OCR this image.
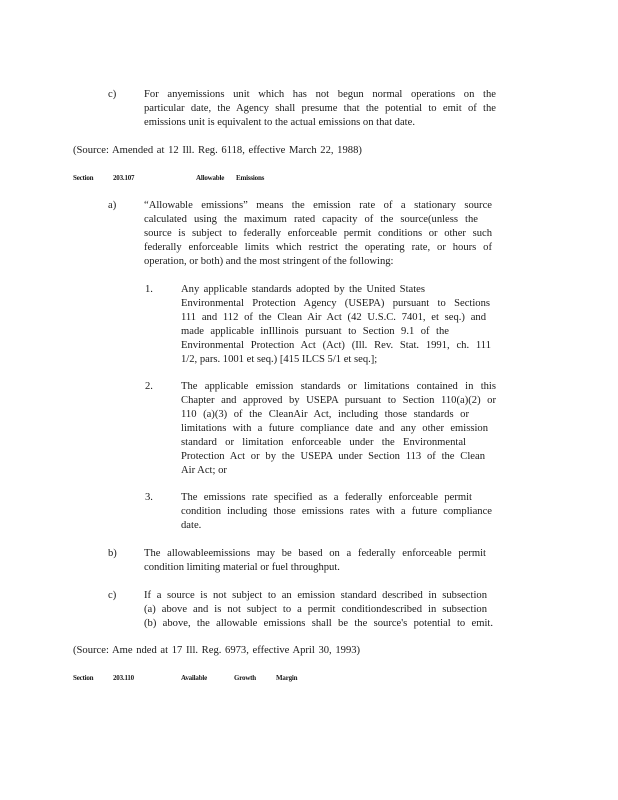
c)	For anyemissions unit which has not begun normal operations on the
particular date, the Agency shall presume that the potential to emit of the
emissions unit is equivalent to the actual emissions on that date.
(Source: Amended at 12 Ill. Reg. 6118, effective March 22, 1988)
Section	203.107	Allowable Emissions
a)	“Allowable emissions” means the emission rate of a stationary source
calculated using the maximum rated capacity of the source(unless the
source is subject to federally enforceable permit conditions or other such
federally enforceable limits which restrict the operating rate, or hours of
operation, or both) and the most stringent of the following:
1.	Any applicable standards adopted by the United States
Environmental Protection Agency (USEPA) pursuant to Sections
111 and 112 of the Clean Air Act (42 U.S.C. 7401, et seq.) and
made applicable inIllinois pursuant to Section 9.1 of the
Environmental Protection Act (Act) (Ill. Rev. Stat. 1991, ch. 111
1/2, pars. 1001 et seq.) [415 ILCS 5/1 et seq.];
2.	The applicable emission standards or limitations contained in this
Chapter and approved by USEPA pursuant to Section 110(a)(2) or
110 (a)(3) of the CleanAir Act, including those standards or
limitations with a future compliance date and any other emission
standard or limitation enforceable under the Environmental
Protection Act or by the USEPA under Section 113 of the Clean
Air Act; or
3.	The emissions rate specified as a federally enforceable permit
condition including those emissions rates with a future compliance
date.
b)	The allowableemissions may be based on a federally enforceable permit
condition limiting material or fuel throughput.
c)	If a source is not subject to an emission standard described in subsection
(a) above and is not subject to a permit conditiondescribed in subsection
(b) above, the allowable emissions shall be the source's potential to emit.
(Source: Ame nded at 17 Ill. Reg. 6973, effective April 30, 1993)
Section	203.110	Available	Growth	Margin
